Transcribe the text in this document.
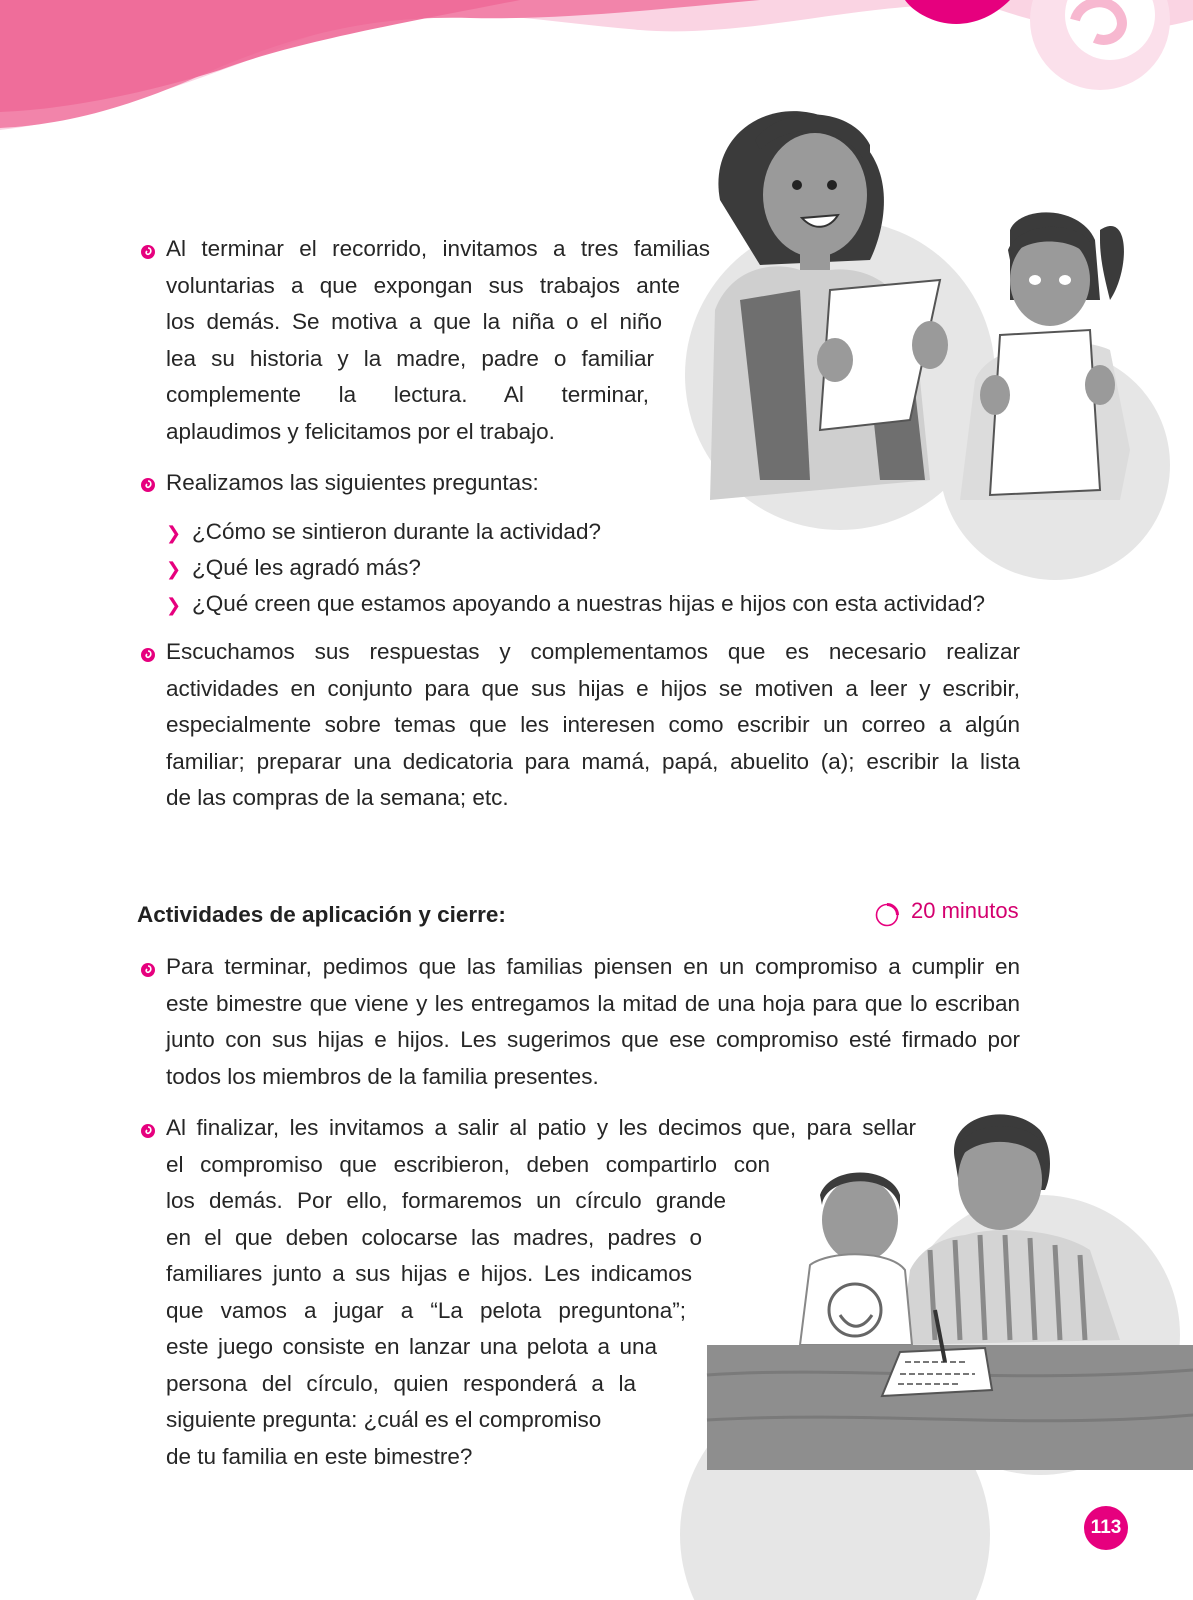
Al terminar el recorrido, invitamos a tres familias
voluntarias a que expongan sus trabajos ante
los demás. Se motiva a que la niña o el niño
lea su historia y la madre, padre o familiar
complemente la lectura. Al terminar,
aplaudimos y felicitamos por el trabajo.
Realizamos las siguientes preguntas:
❯ ¿Cómo se sintieron durante la actividad?
❯ ¿Qué les agradó más?
❯ ¿Qué creen que estamos apoyando a nuestras hijas e hijos con esta actividad?
Escuchamos sus respuestas y complementamos que es necesario realizar
actividades en conjunto para que sus hijas e hijos se motiven a leer y escribir,
especialmente sobre temas que les interesen como escribir un correo a algún
familiar; preparar una dedicatoria para mamá, papá, abuelito (a); escribir la lista
de las compras de la semana; etc.
Actividades de aplicación y cierre:	20 minutos
Para terminar, pedimos que las familias piensen en un compromiso a cumplir en
este bimestre que viene y les entregamos la mitad de una hoja para que lo escriban
junto con sus hijas e hijos. Les sugerimos que ese compromiso esté firmado por
todos los miembros de la familia presentes.
Al finalizar, les invitamos a salir al patio y les decimos que, para sellar
el compromiso que escribieron, deben compartirlo con
los demás. Por ello, formaremos un círculo grande
en el que deben colocarse las madres, padres o
familiares junto a sus hijas e hijos. Les indicamos
que vamos a jugar a “La pelota preguntona”;
este juego consiste en lanzar una pelota a una
persona del círculo, quien responderá a la
siguiente pregunta: ¿cuál es el compromiso
de tu familia en este bimestre?
113
